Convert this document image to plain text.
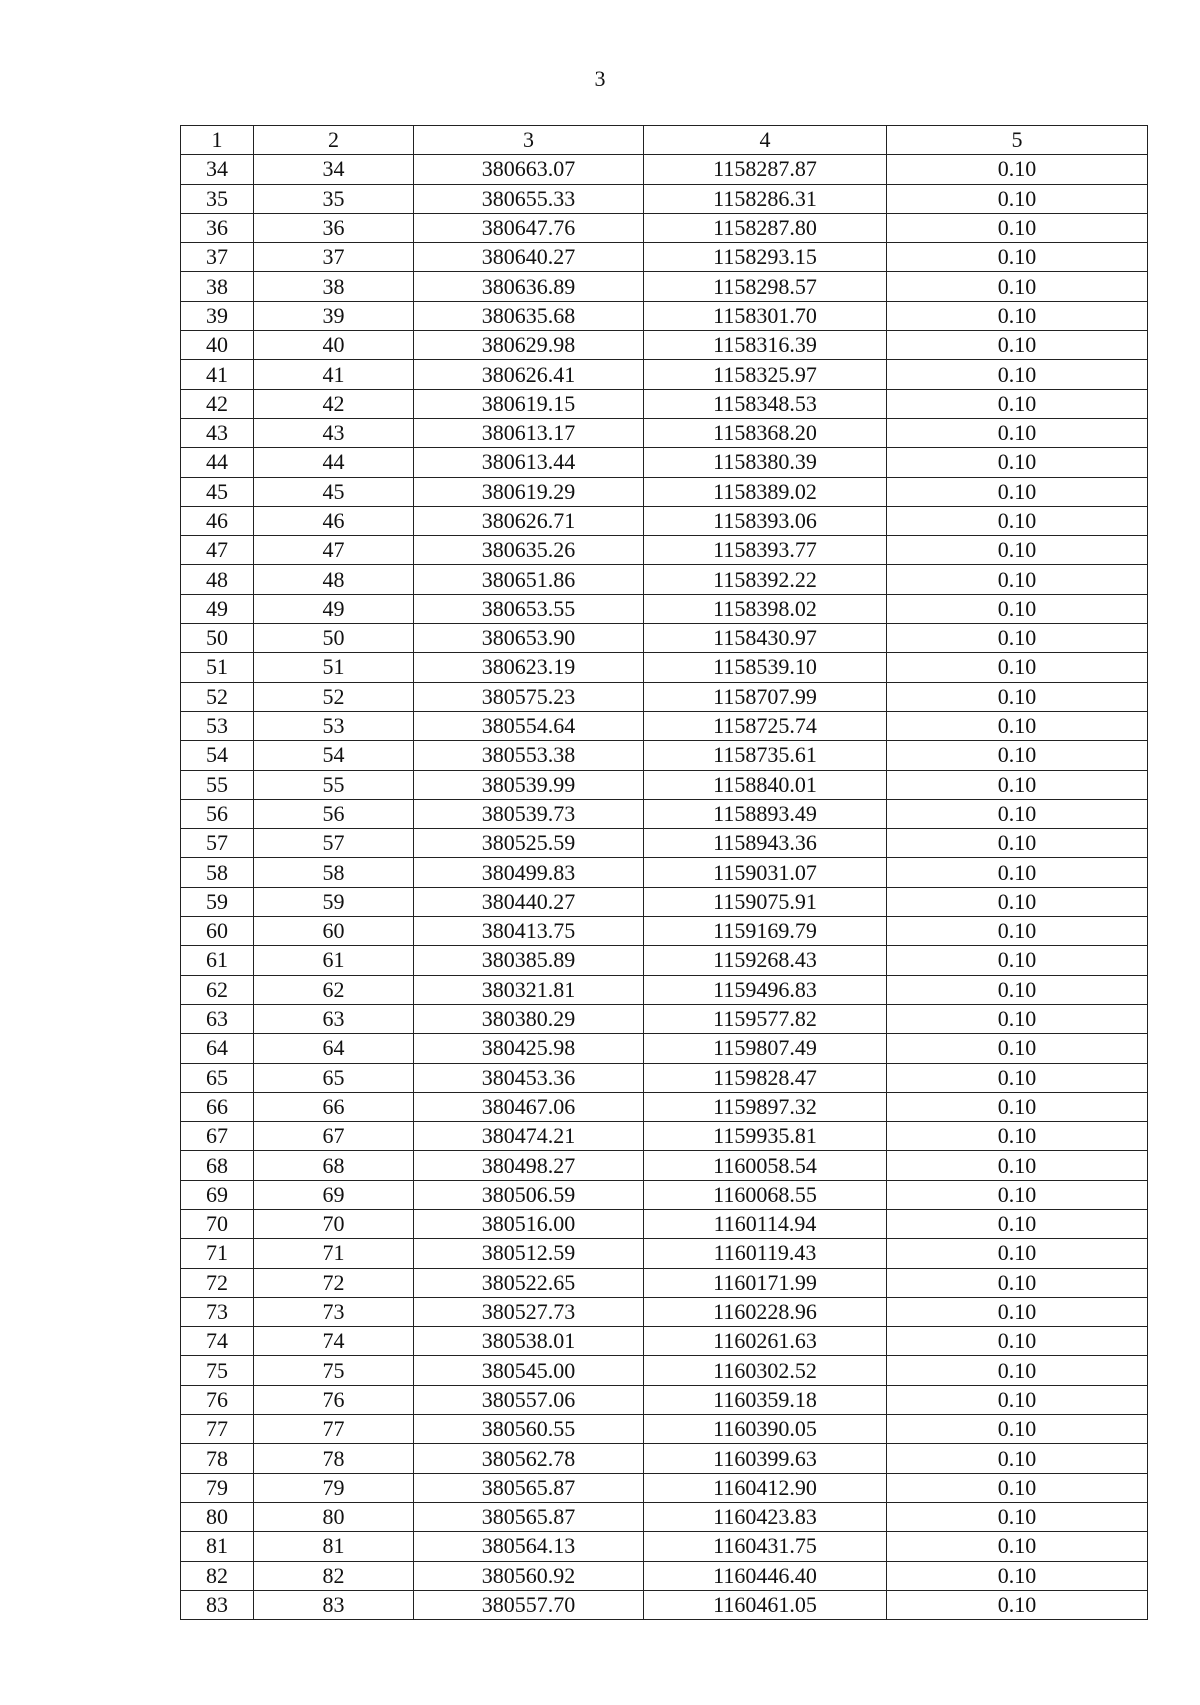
3
1	2	3	4	5
34	34	380663.07	1158287.87	0.10
35	35	380655.33	1158286.31	0.10
36	36	380647.76	1158287.80	0.10
37	37	380640.27	1158293.15	0.10
38	38	380636.89	1158298.57	0.10
39	39	380635.68	1158301.70	0.10
40	40	380629.98	1158316.39	0.10
41	41	380626.41	1158325.97	0.10
42	42	380619.15	1158348.53	0.10
43	43	380613.17	1158368.20	0.10
44	44	380613.44	1158380.39	0.10
45	45	380619.29	1158389.02	0.10
46	46	380626.71	1158393.06	0.10
47	47	380635.26	1158393.77	0.10
48	48	380651.86	1158392.22	0.10
49	49	380653.55	1158398.02	0.10
50	50	380653.90	1158430.97	0.10
51	51	380623.19	1158539.10	0.10
52	52	380575.23	1158707.99	0.10
53	53	380554.64	1158725.74	0.10
54	54	380553.38	1158735.61	0.10
55	55	380539.99	1158840.01	0.10
56	56	380539.73	1158893.49	0.10
57	57	380525.59	1158943.36	0.10
58	58	380499.83	1159031.07	0.10
59	59	380440.27	1159075.91	0.10
60	60	380413.75	1159169.79	0.10
61	61	380385.89	1159268.43	0.10
62	62	380321.81	1159496.83	0.10
63	63	380380.29	1159577.82	0.10
64	64	380425.98	1159807.49	0.10
65	65	380453.36	1159828.47	0.10
66	66	380467.06	1159897.32	0.10
67	67	380474.21	1159935.81	0.10
68	68	380498.27	1160058.54	0.10
69	69	380506.59	1160068.55	0.10
70	70	380516.00	1160114.94	0.10
71	71	380512.59	1160119.43	0.10
72	72	380522.65	1160171.99	0.10
73	73	380527.73	1160228.96	0.10
74	74	380538.01	1160261.63	0.10
75	75	380545.00	1160302.52	0.10
76	76	380557.06	1160359.18	0.10
77	77	380560.55	1160390.05	0.10
78	78	380562.78	1160399.63	0.10
79	79	380565.87	1160412.90	0.10
80	80	380565.87	1160423.83	0.10
81	81	380564.13	1160431.75	0.10
82	82	380560.92	1160446.40	0.10
83	83	380557.70	1160461.05	0.10
